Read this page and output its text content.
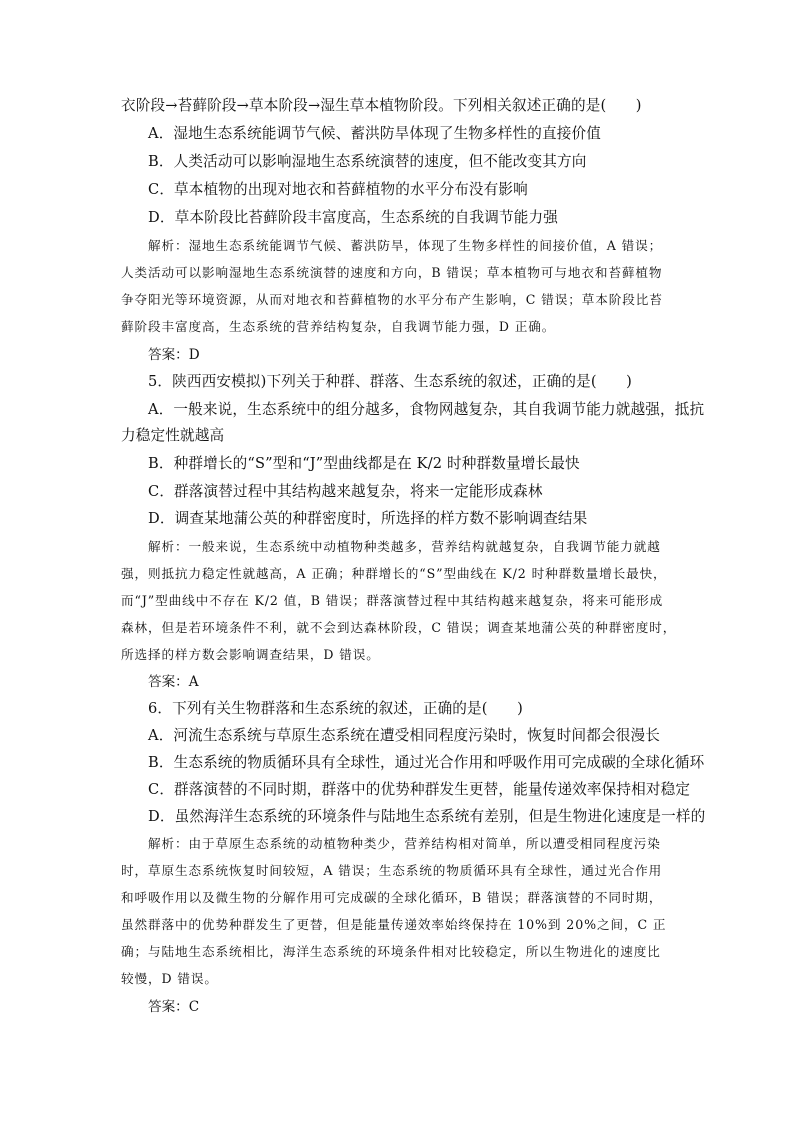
衣阶段→苔藓阶段→草本阶段→湿生草本植物阶段。下列相关叙述正确的是(　　)
A．湿地生态系统能调节气候、蓄洪防旱体现了生物多样性的直接价值
B．人类活动可以影响湿地生态系统演替的速度，但不能改变其方向
C．草本植物的出现对地衣和苔藓植物的水平分布没有影响
D．草本阶段比苔藓阶段丰富度高，生态系统的自我调节能力强
解析：湿地生态系统能调节气候、蓄洪防旱，体现了生物多样性的间接价值，A 错误；
人类活动可以影响湿地生态系统演替的速度和方向，B 错误；草本植物可与地衣和苔藓植物
争夺阳光等环境资源，从而对地衣和苔藓植物的水平分布产生影响，C 错误；草本阶段比苔
藓阶段丰富度高，生态系统的营养结构复杂，自我调节能力强，D 正确。
答案：D
5．陕西西安模拟)下列关于种群、群落、生态系统的叙述，正确的是(　　)
A．一般来说，生态系统中的组分越多，食物网越复杂，其自我调节能力就越强，抵抗
力稳定性就越高
B．种群增长的“S”型和“J”型曲线都是在 K/2 时种群数量增长最快
C．群落演替过程中其结构越来越复杂，将来一定能形成森林
D．调查某地蒲公英的种群密度时，所选择的样方数不影响调查结果
解析：一般来说，生态系统中动植物种类越多，营养结构就越复杂，自我调节能力就越
强，则抵抗力稳定性就越高，A 正确；种群增长的“S”型曲线在 K/2 时种群数量增长最快，
而“J”型曲线中不存在 K/2 值，B 错误；群落演替过程中其结构越来越复杂，将来可能形成
森林，但是若环境条件不利，就不会到达森林阶段，C 错误；调查某地蒲公英的种群密度时，
所选择的样方数会影响调查结果，D 错误。
答案：A
6．下列有关生物群落和生态系统的叙述，正确的是(　　)
A．河流生态系统与草原生态系统在遭受相同程度污染时，恢复时间都会很漫长
B．生态系统的物质循环具有全球性，通过光合作用和呼吸作用可完成碳的全球化循环
C．群落演替的不同时期，群落中的优势种群发生更替，能量传递效率保持相对稳定
D．虽然海洋生态系统的环境条件与陆地生态系统有差别，但是生物进化速度是一样的
解析：由于草原生态系统的动植物种类少，营养结构相对简单，所以遭受相同程度污染
时，草原生态系统恢复时间较短，A 错误；生态系统的物质循环具有全球性，通过光合作用
和呼吸作用以及微生物的分解作用可完成碳的全球化循环，B 错误；群落演替的不同时期，
虽然群落中的优势种群发生了更替，但是能量传递效率始终保持在 10%到 20%之间，C 正
确；与陆地生态系统相比，海洋生态系统的环境条件相对比较稳定，所以生物进化的速度比
较慢，D 错误。
答案：C
